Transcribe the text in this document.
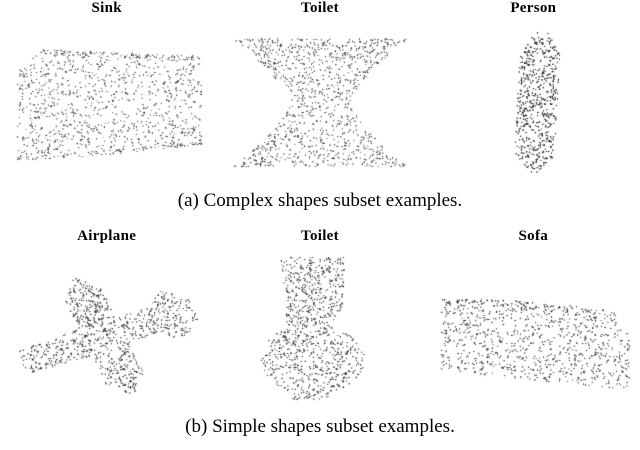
Sink	Toilet	Person
(a) Complex shapes subset examples.
Airplane	Toilet	Sofa
(b) Simple shapes subset examples.
